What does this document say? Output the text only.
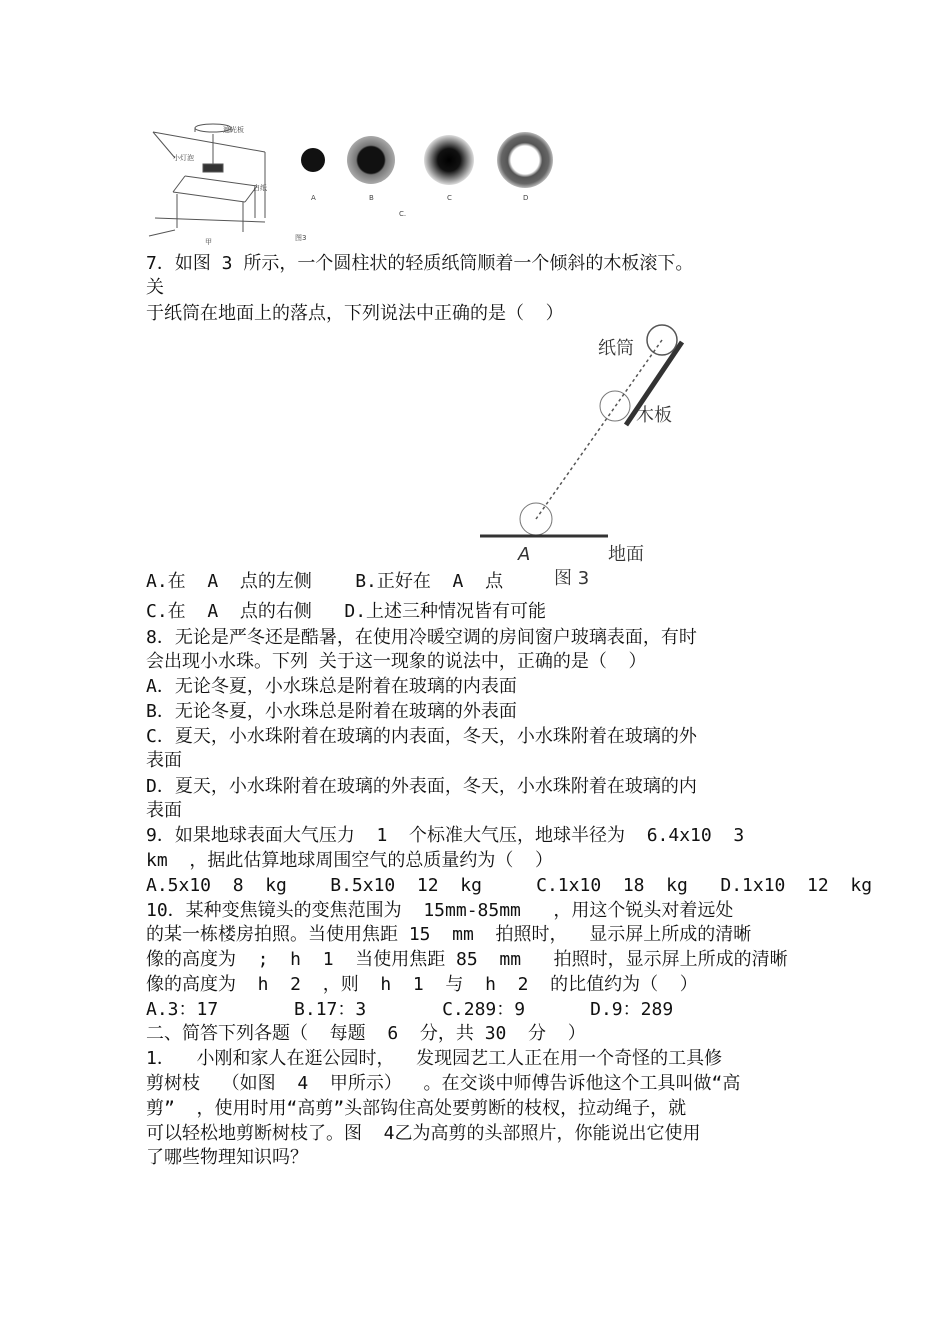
遮光板
小灯泡
白纸
甲
A	B
C.
C	D
图3
7．如图 3 所示，一个圆柱状的轻质纸筒顺着一个倾斜的木板滚下。
关
于纸筒在地面上的落点，下列说法中正确的是（  ）
纸筒
木板
A	地面
图 3
A.在  A  点的左侧    B.正好在  A  点
C.在  A  点的右侧   D.上述三种情况皆有可能
8．无论是严冬还是酷暑，在使用冷暖空调的房间窗户玻璃表面，有时
会出现小水珠。下列 关于这一现象的说法中，正确的是（  ）
A．无论冬夏，小水珠总是附着在玻璃的内表面
B．无论冬夏，小水珠总是附着在玻璃的外表面
C．夏天，小水珠附着在玻璃的内表面，冬天，小水珠附着在玻璃的外
表面
D．夏天，小水珠附着在玻璃的外表面，冬天，小水珠附着在玻璃的内
表面
9．如果地球表面大气压力  1  个标准大气压，地球半径为  6.4x10  3
km  ，据此估算地球周围空气的总质量约为（  ）
A.5x10  8  kg    B.5x10  12  kg     C.1x10  18  kg   D.1x10  12  kg
10．某种变焦镜头的变焦范围为  15mm-85mm   ，用这个锐头对着远处
的某一栋楼房拍照。当使用焦距 15  mm  拍照时，  显示屏上所成的清晰
像的高度为  ;  h  1  当使用焦距 85  mm   拍照时，显示屏上所成的清晰
像的高度为  h  2  ，则  h  1  与  h  2  的比值约为（  ）
A.3：17       B.17：3       C.289：9      D.9：289
二、简答下列各题（  每题  6  分，共 30  分  ）
1．  小刚和家人在逛公园时，  发现园艺工人正在用一个奇怪的工具修
剪树枝  （如图  4  甲所示）  。在交谈中师傅告诉他这个工具叫做“高
剪”  ，使用时用“高剪”头部钩住高处要剪断的枝杈，拉动绳子，就
可以轻松地剪断树枝了。图  4乙为高剪的头部照片，你能说出它使用
了哪些物理知识吗？
